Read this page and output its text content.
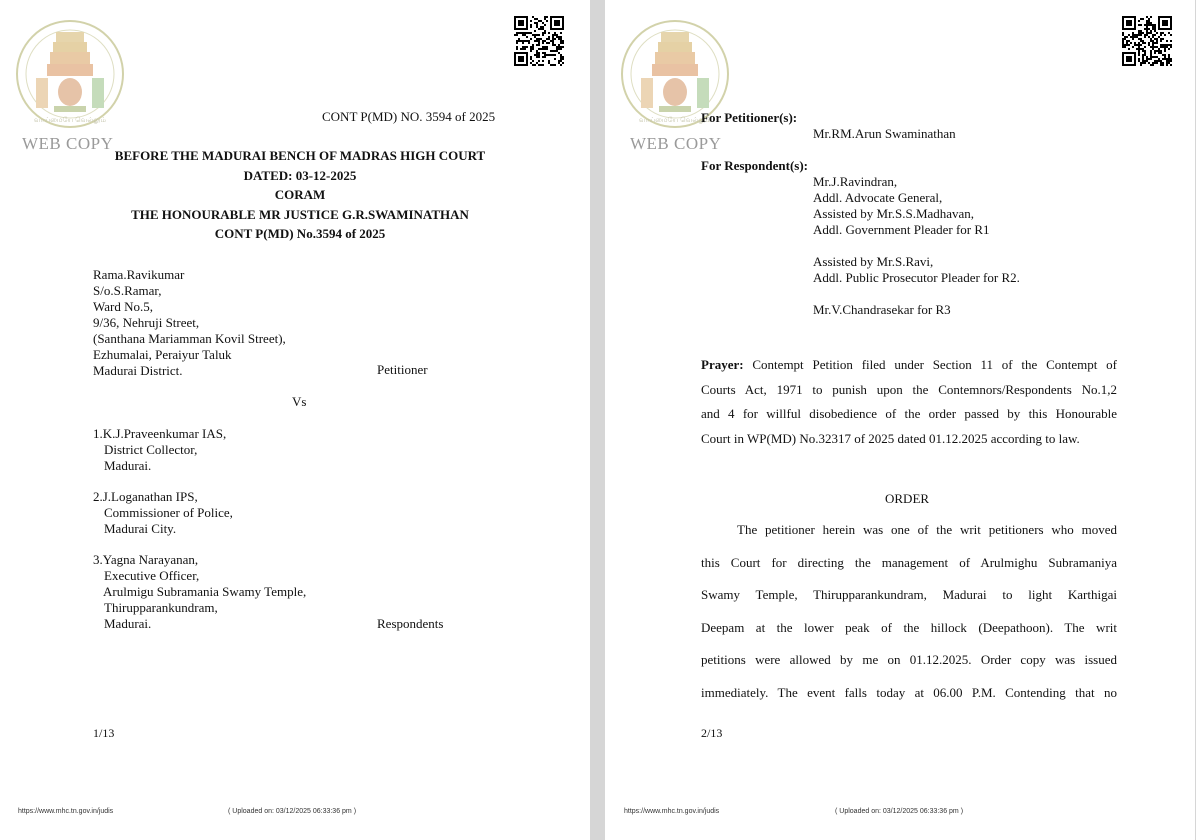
வாய்மையே வெல்லும்
WEB COPY
CONT P(MD) NO. 3594 of 2025
BEFORE THE MADURAI BENCH OF MADRAS HIGH COURT
DATED: 03-12-2025
CORAM
THE HONOURABLE MR JUSTICE G.R.SWAMINATHAN
CONT P(MD) No.3594 of 2025
Rama.Ravikumar
S/o.S.Ramar,
Ward No.5,
9/36, Nehruji Street,
(Santhana Mariamman Kovil Street),
Ezhumalai, Peraiyur Taluk
Madurai District.	Petitioner
Vs
1.K.J.Praveenkumar IAS,
District Collector,
Madurai.
2.J.Loganathan IPS,
Commissioner of Police,
Madurai City.
3.Yagna Narayanan,
Executive Officer,
Arulmigu Subramania Swamy Temple,
Thirupparankundram,
Madurai.	Respondents
1/13
https://www.mhc.tn.gov.in/judis	( Uploaded on: 03/12/2025 06:33:36 pm )
வாய்மையே வெல்லும்
WEB COPY
For Petitioner(s):
Mr.RM.Arun Swaminathan
For Respondent(s):
Mr.J.Ravindran,
Addl. Advocate General,
Assisted by Mr.S.S.Madhavan,
Addl. Government Pleader for R1
Assisted by Mr.S.Ravi,
Addl. Public Prosecutor Pleader for R2.
Mr.V.Chandrasekar for R3
Prayer: Contempt Petition filed under Section 11 of the Contempt of
Courts Act, 1971 to punish upon the Contemnors/Respondents No.1,2
and 4 for willful disobedience of the order passed by this Honourable
Court in WP(MD) No.32317 of 2025 dated 01.12.2025 according to law.
ORDER
The petitioner herein was one of the writ petitioners who moved
this Court for directing the management of Arulmighu Subramaniya
Swamy Temple, Thirupparankundram, Madurai to light Karthigai
Deepam at the lower peak of the hillock (Deepathoon). The writ
petitions were allowed by me on 01.12.2025. Order copy was issued
immediately. The event falls today at 06.00 P.M. Contending that no
2/13
https://www.mhc.tn.gov.in/judis	( Uploaded on: 03/12/2025 06:33:36 pm )
